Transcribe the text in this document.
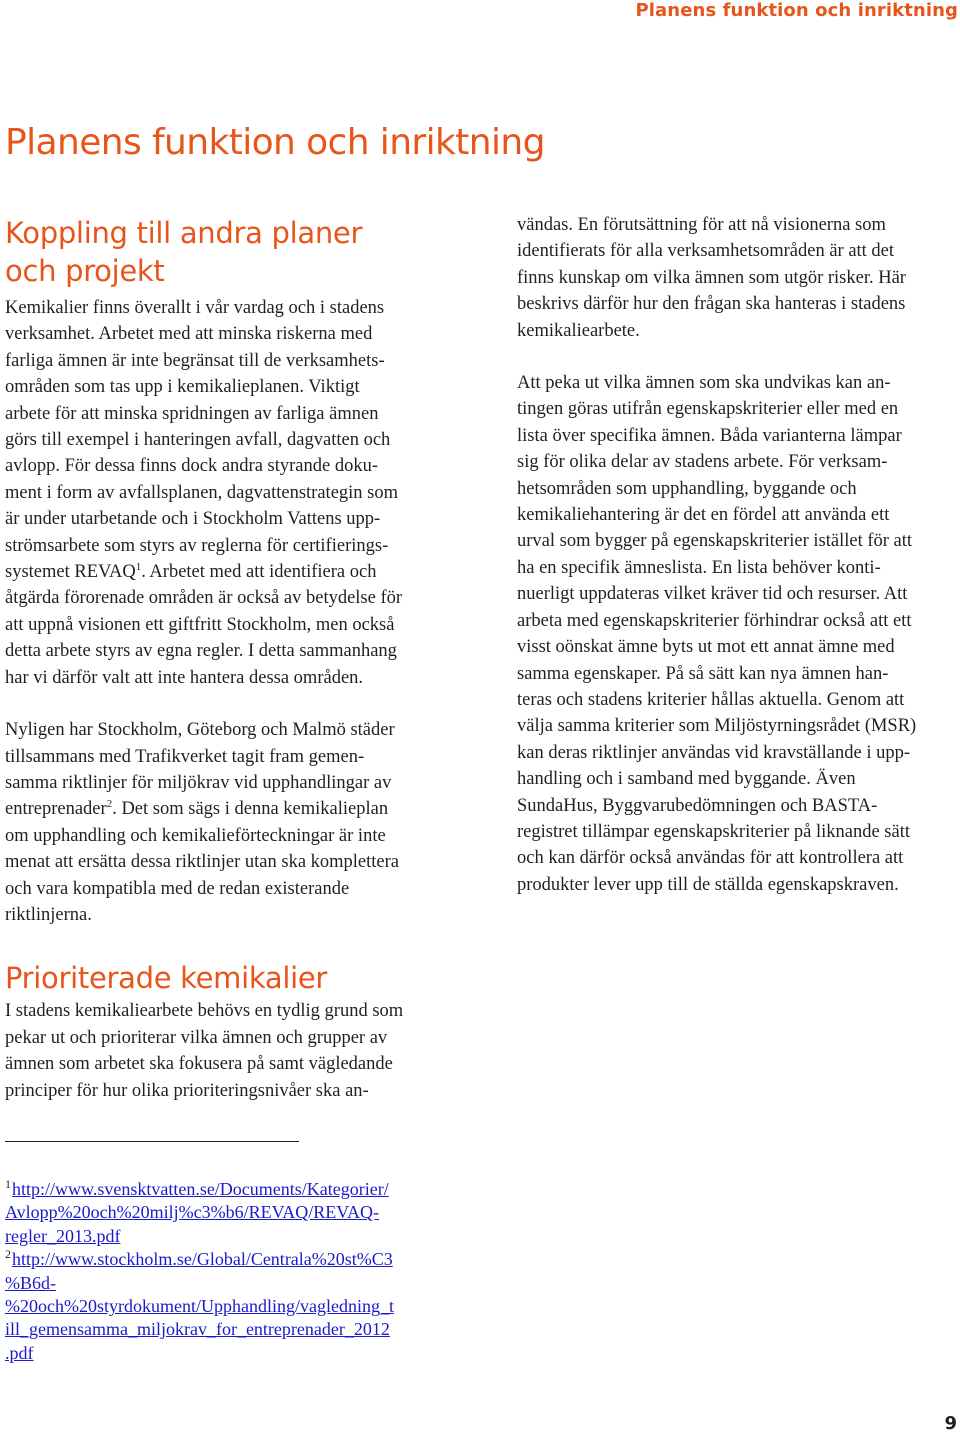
Planens funktion och inriktning
Planens funktion och inriktning
Koppling till andra planer
och projekt

Kemikalier finns överallt i vår vardag och i stadens
verksamhet. Arbetet med att minska riskerna med
farliga ämnen är inte begränsat till de verksamhets-
områden som tas upp i kemikalieplanen. Viktigt
arbete för att minska spridningen av farliga ämnen
görs till exempel i hanteringen avfall, dagvatten och
avlopp. För dessa finns dock andra styrande doku-
ment i form av avfallsplanen, dagvattenstrategin som
är under utarbetande och i Stockholm Vattens upp-
strömsarbete som styrs av reglerna för certifierings-
systemet REVAQ$^1$. Arbetet med att identifiera och
åtgärda förorenade områden är också av betydelse för
att uppnå visionen ett giftfritt Stockholm, men också
detta arbete styrs av egna regler. I detta sammanhang
har vi därför valt att inte hantera dessa områden.

Nyligen har Stockholm, Göteborg och Malmö städer
tillsammans med Trafikverket tagit fram gemen-
samma riktlinjer för miljökrav vid upphandlingar av
entreprenader$^2$. Det som sägs i denna kemikalieplan
om upphandling och kemikalieförteckningar är inte
menat att ersätta dessa riktlinjer utan ska komplettera
och vara kompatibla med de redan existerande
riktlinjerna.

Prioriterade kemikalier

I stadens kemikaliearbete behövs en tydlig grund som
pekar ut och prioriterar vilka ämnen och grupper av
ämnen som arbetet ska fokusera på samt vägledande
principer för hur olika prioriteringsnivåer ska an-

vändas. En förutsättning för att nå visionerna som
identifierats för alla verksamhetsområden är att det
finns kunskap om vilka ämnen som utgör risker. Här
beskrivs därför hur den frågan ska hanteras i stadens
kemikaliearbete.

Att peka ut vilka ämnen som ska undvikas kan an-
tingen göras utifrån egenskapskriterier eller med en
lista över specifika ämnen. Båda varianterna lämpar
sig för olika delar av stadens arbete. För verksam-
hetsområden som upphandling, byggande och
kemikaliehantering är det en fördel att använda ett
urval som bygger på egenskapskriterier istället för att
ha en specifik ämneslista. En lista behöver konti-
nuerligt uppdateras vilket kräver tid och resurser. Att
arbeta med egenskapskriterier förhindrar också att ett
visst oönskat ämne byts ut mot ett annat ämne med
samma egenskaper. På så sätt kan nya ämnen han-
teras och stadens kriterier hållas aktuella. Genom att
välja samma kriterier som Miljöstyrningsrådet (MSR)
kan deras riktlinjer användas vid kravställande i upp-
handling och i samband med byggande. Även
SundaHus, Byggvarubedömningen och BASTA-
registret tillämpar egenskapskriterier på liknande sätt
och kan därför också användas för att kontrollera att
produkter lever upp till de ställda egenskapskraven.

$^1$http://www.svensktvatten.se/Documents/Kategorier/
Avlopp%20och%20milj%c3%b6/REVAQ/REVAQ-
regler_2013.pdf

$^2$http://www.stockholm.se/Global/Centrala%20st%C3
%B6d-
%20och%20styrdokument/Upphandling/vagledning_t
ill_gemensamma_miljokrav_for_entreprenader_2012
.pdf

9
